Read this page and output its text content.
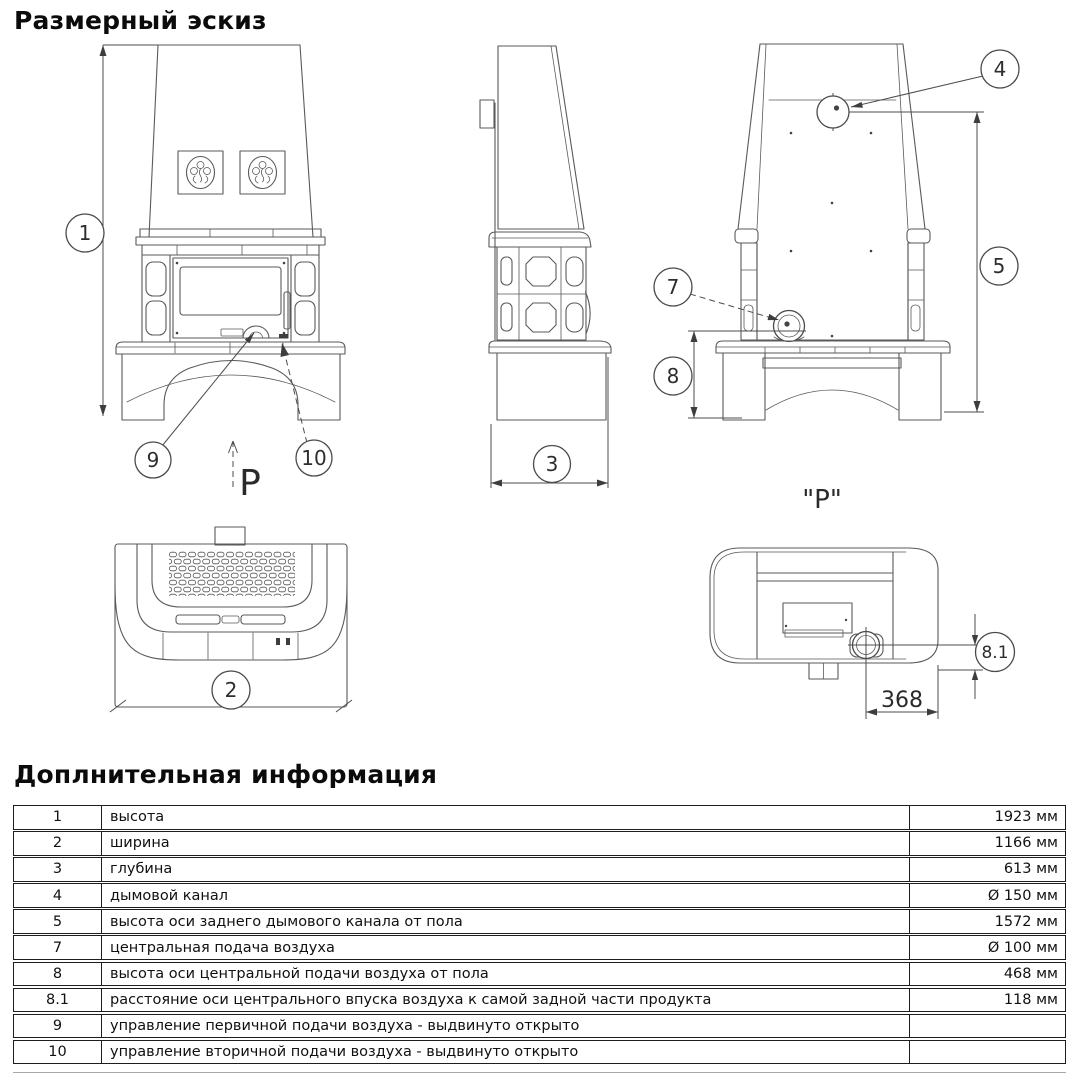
Размерный эскиз
1
9	10
P	3
4
5
7
8
"P"
2
8.1
368
Доплнительная информация
1	высота	1923 мм
2	ширина	1166 мм
3	глубина	613 мм
4	дымовой канал	Ø 150 мм
5	высота оси заднего дымового канала от пола	1572 мм
7	центральная подача воздуха	Ø 100 мм
8	высота оси центральной подачи воздуха от пола	468 мм
8.1	расстояние оси центрального впуска воздуха к самой задной части продукта	118 мм
9	управление первичной подачи воздуха - выдвинуто открыто
10	управление вторичной подачи воздуха - выдвинуто открыто
